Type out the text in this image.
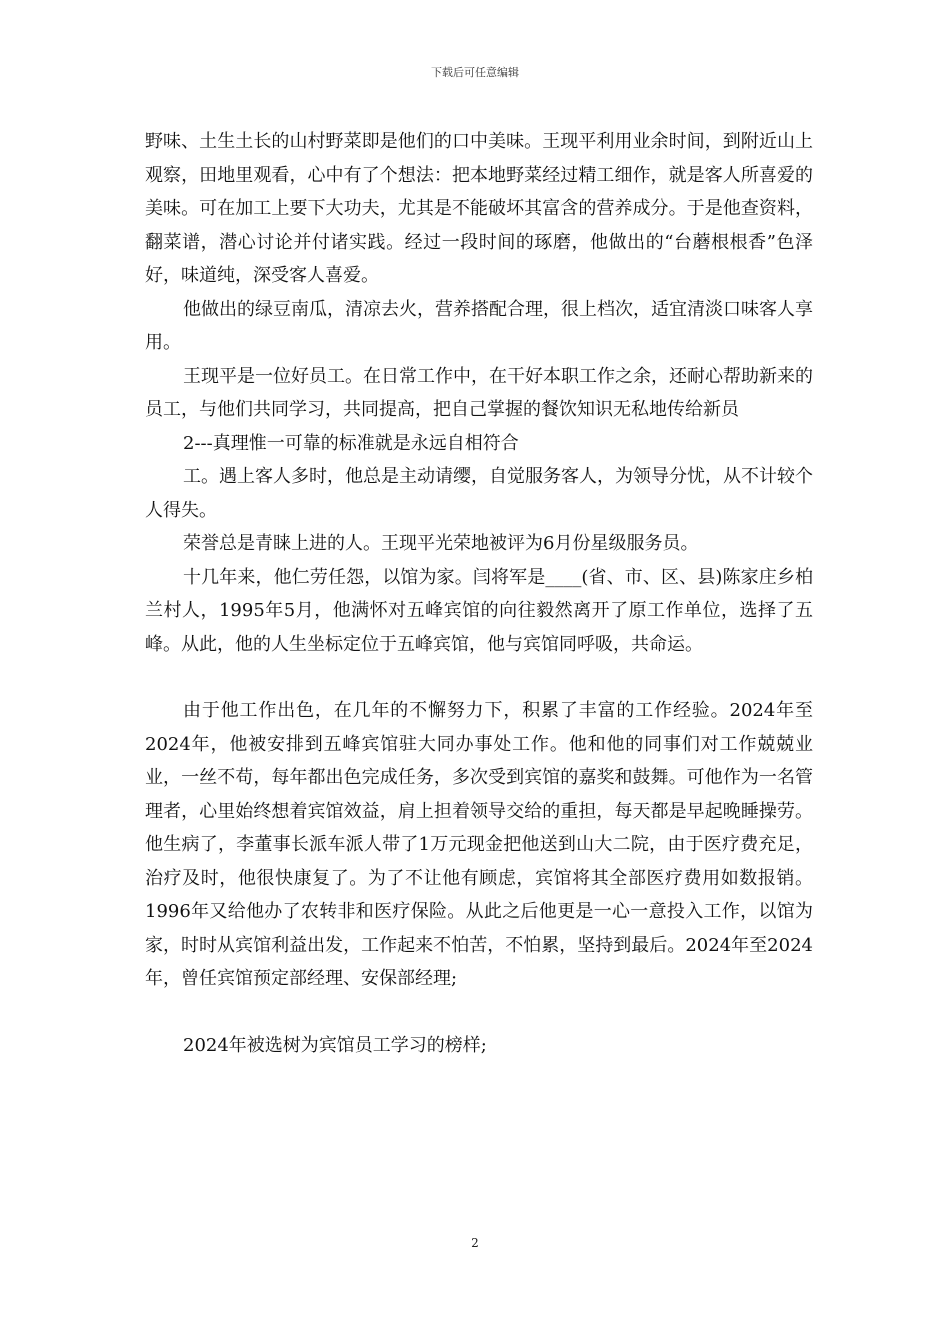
下载后可任意编辑

野味、土生土长的山村野菜即是他们的口中美味。王现平利用业余时间，到附近山上观察，田地里观看，心中有了个想法：把本地野菜经过精工细作，就是客人所喜爱的美味。可在加工上要下大功夫，尤其是不能破坏其富含的营养成分。于是他查资料，翻菜谱，潜心讨论并付诸实践。经过一段时间的琢磨，他做出的“台蘑根根香”色泽好，味道纯，深受客人喜爱。

他做出的绿豆南瓜，清凉去火，营养搭配合理，很上档次，适宜清淡口味客人享用。

王现平是一位好员工。在日常工作中，在干好本职工作之余，还耐心帮助新来的员工，与他们共同学习，共同提高，把自己掌握的餐饮知识无私地传给新员

2---真理惟一可靠的标准就是永远自相符合

工。遇上客人多时，他总是主动请缨，自觉服务客人，为领导分忧，从不计较个人得失。

荣誉总是青睐上进的人。王现平光荣地被评为6月份星级服务员。

十几年来，他仁劳任怨，以馆为家。闫将军是____(省、市、区、县)陈家庄乡柏兰村人，1995年5月，他满怀对五峰宾馆的向往毅然离开了原工作单位，选择了五峰。从此，他的人生坐标定位于五峰宾馆，他与宾馆同呼吸，共命运。

由于他工作出色，在几年的不懈努力下，积累了丰富的工作经验。2024年至2024年，他被安排到五峰宾馆驻大同办事处工作。他和他的同事们对工作兢兢业业，一丝不苟，每年都出色完成任务，多次受到宾馆的嘉奖和鼓舞。可他作为一名管理者，心里始终想着宾馆效益，肩上担着领导交给的重担，每天都是早起晚睡操劳。他生病了，李董事长派车派人带了1万元现金把他送到山大二院，由于医疗费充足，治疗及时，他很快康复了。为了不让他有顾虑，宾馆将其全部医疗费用如数报销。1996年又给他办了农转非和医疗保险。从此之后他更是一心一意投入工作，以馆为家，时时从宾馆利益出发，工作起来不怕苦，不怕累，坚持到最后。2024年至2024年，曾任宾馆预定部经理、安保部经理;

2024年被选树为宾馆员工学习的榜样;

2
